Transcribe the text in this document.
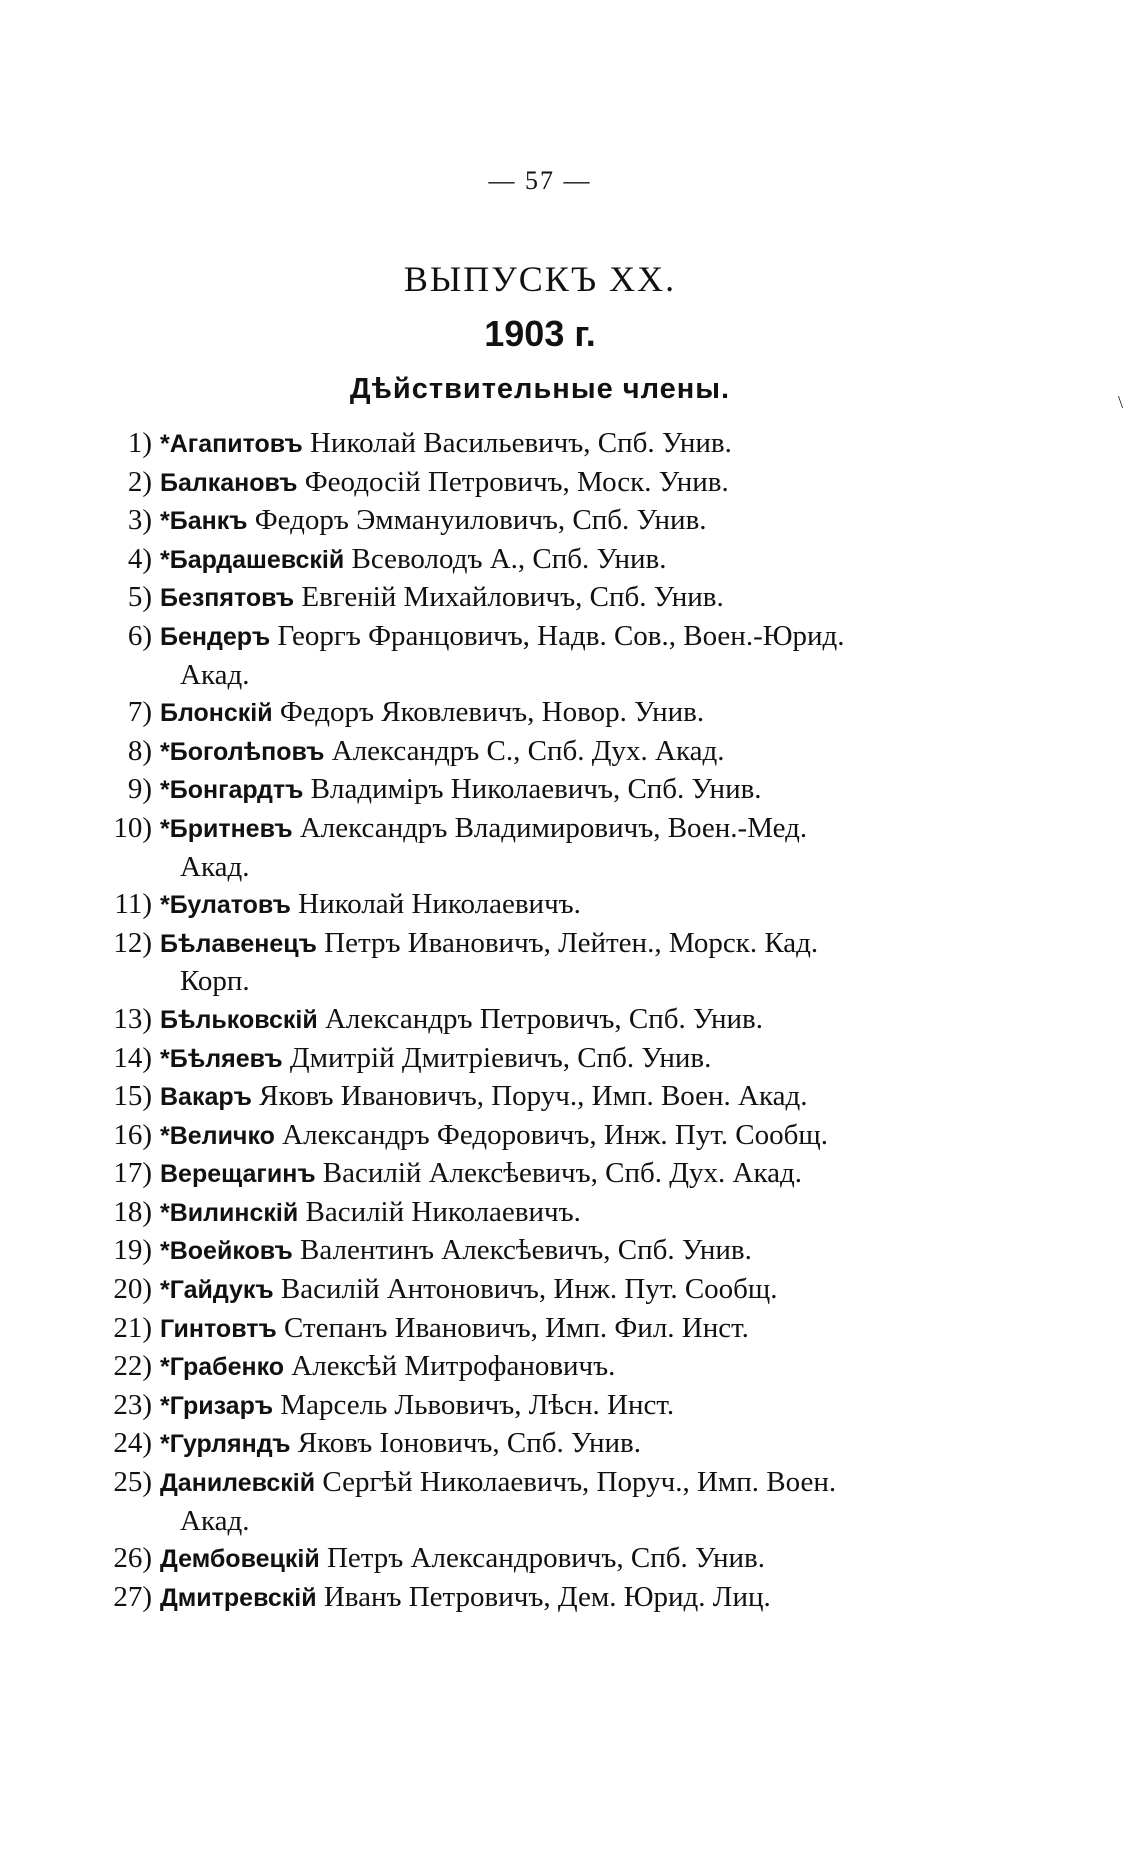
— 57 —
ВЫПУСКЪ XX.
1903 г.
Дѣйствительные члены.	\
1) *Агапитовъ Николай Васильевичъ, Спб. Унив.
2) Балкановъ Феодосій Петровичъ, Моск. Унив.
3) *Банкъ Федоръ Эммануиловичъ, Спб. Унив.
4) *Бардашевскій Всеволодъ А., Спб. Унив.
5) Безпятовъ Евгеній Михайловичъ, Спб. Унив.
6) Бендеръ Георгъ Францовичъ, Надв. Сов., Воен.-Юрид.
Акад.
7) Блонскій Федоръ Яковлевичъ, Новор. Унив.
8) *Боголѣповъ Александръ С., Спб. Дух. Акад.
9) *Бонгардтъ Владиміръ Николаевичъ, Спб. Унив.
10) *Бритневъ Александръ Владимировичъ, Воен.-Мед.
Акад.
11) *Булатовъ Николай Николаевичъ.
12) Бѣлавенецъ Петръ Ивановичъ, Лейтен., Морск. Кад.
Корп.
13) Бѣльковскій Александръ Петровичъ, Спб. Унив.
14) *Бѣляевъ Дмитрій Дмитріевичъ, Спб. Унив.
15) Вакаръ Яковъ Ивановичъ, Поруч., Имп. Воен. Акад.
16) *Величко Александръ Федоровичъ, Инж. Пут. Сообщ.
17) Верещагинъ Василій Алексѣевичъ, Спб. Дух. Акад.
18) *Вилинскій Василій Николаевичъ.
19) *Воейковъ Валентинъ Алексѣевичъ, Спб. Унив.
20) *Гайдукъ Василій Антоновичъ, Инж. Пут. Сообщ.
21) Гинтовтъ Степанъ Ивановичъ, Имп. Фил. Инст.
22) *Грабенко Алексѣй Митрофановичъ.
23) *Гризаръ Марсель Львовичъ, Лѣсн. Инст.
24) *Гурляндъ Яковъ Іоновичъ, Спб. Унив.
25) Данилевскій Сергѣй Николаевичъ, Поруч., Имп. Воен.
Акад.
26) Дембовецкій Петръ Александровичъ, Спб. Унив.
27) Дмитревскій Иванъ Петровичъ, Дем. Юрид. Лиц.
